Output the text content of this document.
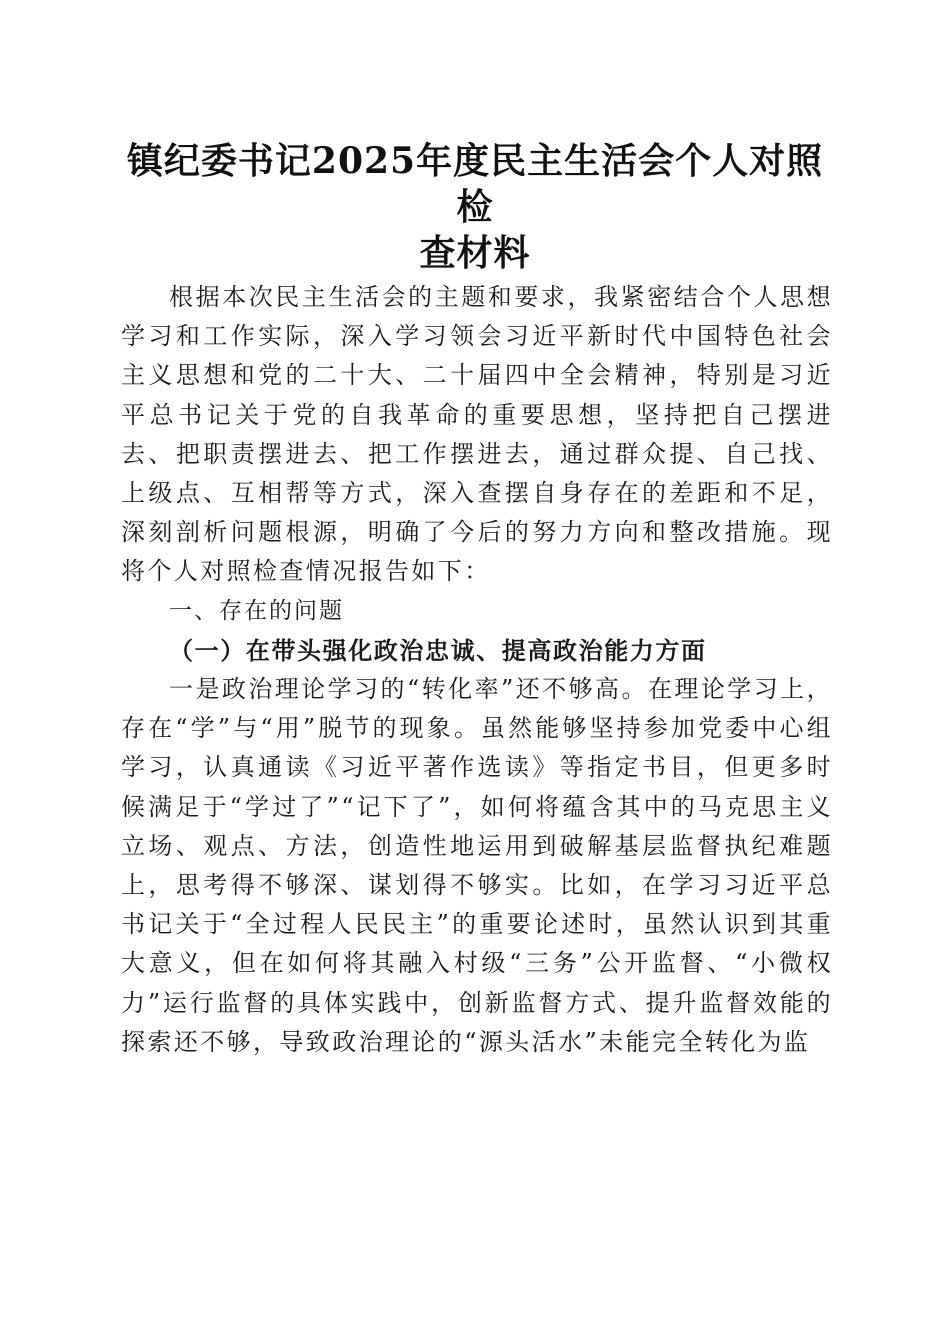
镇纪委书记2025年度民主生活会个人对照检
查材料

根据本次民主生活会的主题和要求，我紧密结合个人思想学习和工作实际，深入学习领会习近平新时代中国特色社会主义思想和党的二十大、二十届四中全会精神，特别是习近平总书记关于党的自我革命的重要思想，坚持把自己摆进去、把职责摆进去、把工作摆进去，通过群众提、自己找、上级点、互相帮等方式，深入查摆自身存在的差距和不足，深刻剖析问题根源，明确了今后的努力方向和整改措施。现将个人对照检查情况报告如下：

一、存在的问题

（一）在带头强化政治忠诚、提高政治能力方面

一是政治理论学习的“转化率”还不够高。在理论学习上，存在“学”与“用”脱节的现象。虽然能够坚持参加党委中心组学习，认真通读《习近平著作选读》等指定书目，但更多时候满足于“学过了”“记下了”，如何将蕴含其中的马克思主义立场、观点、方法，创造性地运用到破解基层监督执纪难题上，思考得不够深、谋划得不够实。比如，在学习习近平总书记关于“全过程人民民主”的重要论述时，虽然认识到其重大意义，但在如何将其融入村级“三务”公开监督、“小微权力”运行监督的具体实践中，创新监督方式、提升监督效能的探索还不够，导致政治理论的“源头活水”未能完全转化为监
